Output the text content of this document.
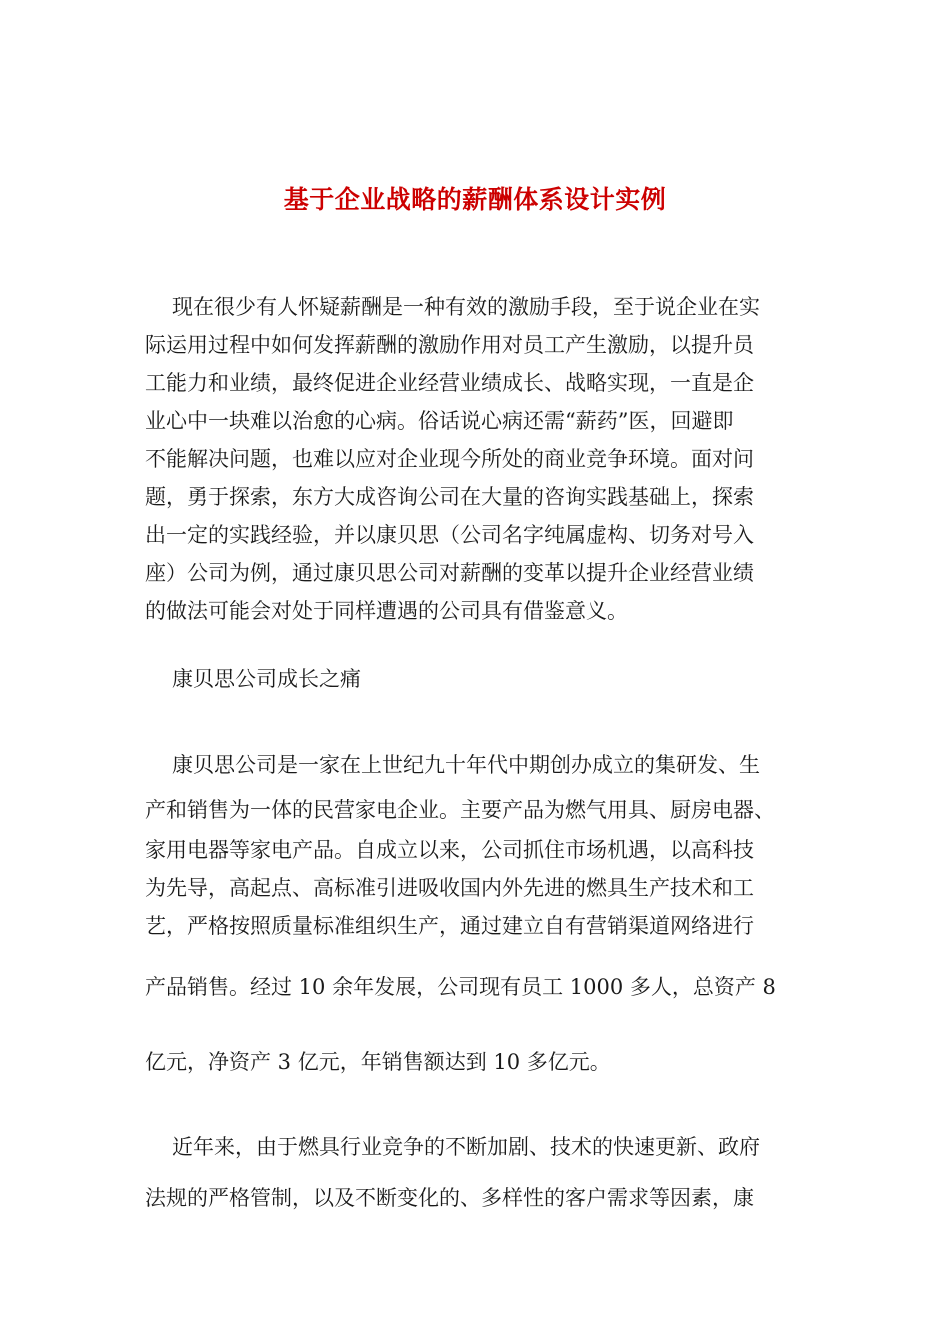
基于企业战略的薪酬体系设计实例
现在很少有人怀疑薪酬是一种有效的激励手段，至于说企业在实
际运用过程中如何发挥薪酬的激励作用对员工产生激励，以提升员
工能力和业绩，最终促进企业经营业绩成长、战略实现，一直是企
业心中一块难以治愈的心病。俗话说心病还需“薪药”医，回避即
不能解决问题，也难以应对企业现今所处的商业竞争环境。面对问
题，勇于探索，东方大成咨询公司在大量的咨询实践基础上，探索
出一定的实践经验，并以康贝思（公司名字纯属虚构、切务对号入
座）公司为例，通过康贝思公司对薪酬的变革以提升企业经营业绩
的做法可能会对处于同样遭遇的公司具有借鉴意义。
康贝思公司成长之痛
康贝思公司是一家在上世纪九十年代中期创办成立的集研发、生
产和销售为一体的民营家电企业。主要产品为燃气用具、厨房电器、
家用电器等家电产品。自成立以来，公司抓住市场机遇，以高科技
为先导，高起点、高标准引进吸收国内外先进的燃具生产技术和工
艺，严格按照质量标准组织生产，通过建立自有营销渠道网络进行
产品销售。经过 10 余年发展，公司现有员工 1000 多人，总资产 8
亿元，净资产 3 亿元，年销售额达到 10 多亿元。
近年来，由于燃具行业竞争的不断加剧、技术的快速更新、政府
法规的严格管制，以及不断变化的、多样性的客户需求等因素，康
